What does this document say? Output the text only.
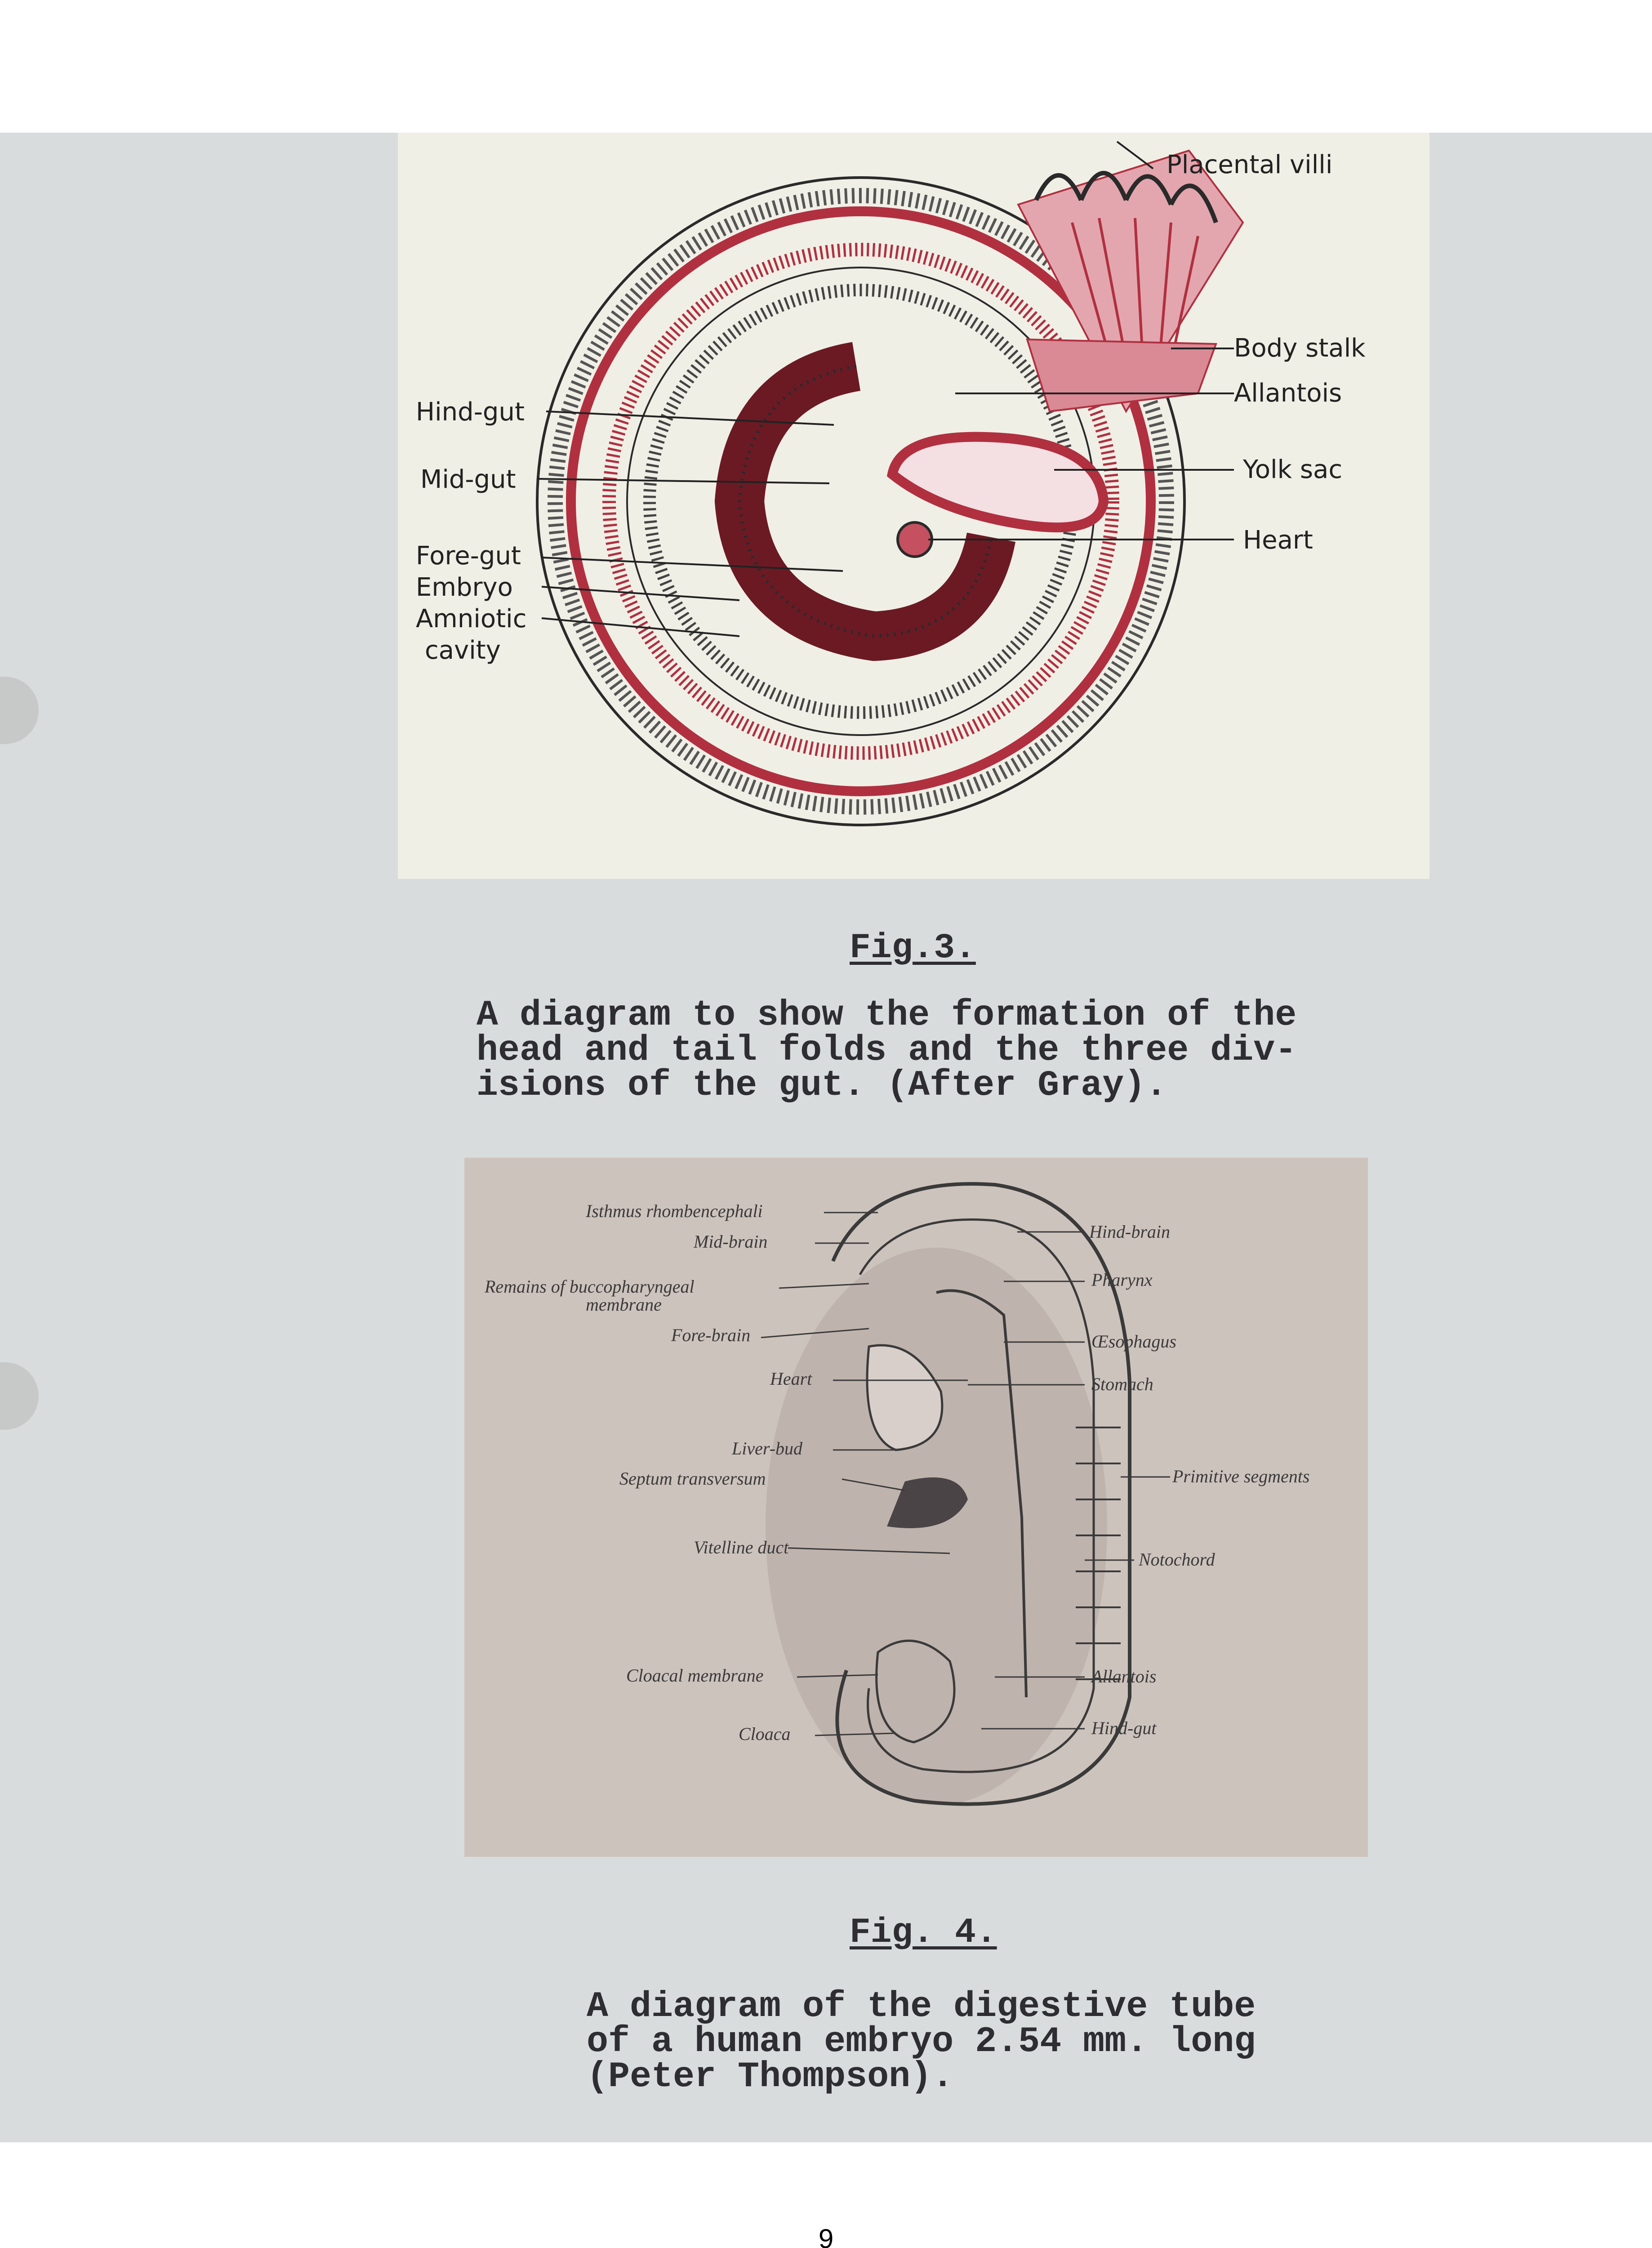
Placental villi
Body stalk
Allantois
Yolk sac
Heart
Hind-gut
Mid-gut
Fore-gut
Embryo
Amniotic
cavity
Fig.3.
A diagram to show the formation of the
head and tail folds and the three div-
isions of the gut. (After Gray).
Isthmus rhombencephali
Mid-brain
Remains of buccopharyngeal
membrane
Fore-brain
Heart
Liver-bud
Septum transversum
Vitelline duct
Cloacal membrane
Cloaca
Hind-brain
Pharynx
Œsophagus
Stomach
Primitive segments
Notochord
Allantois
Hind-gut
Fig. 4.
A diagram of the digestive tube
of a human embryo 2.54 mm. long
(Peter Thompson).
9
